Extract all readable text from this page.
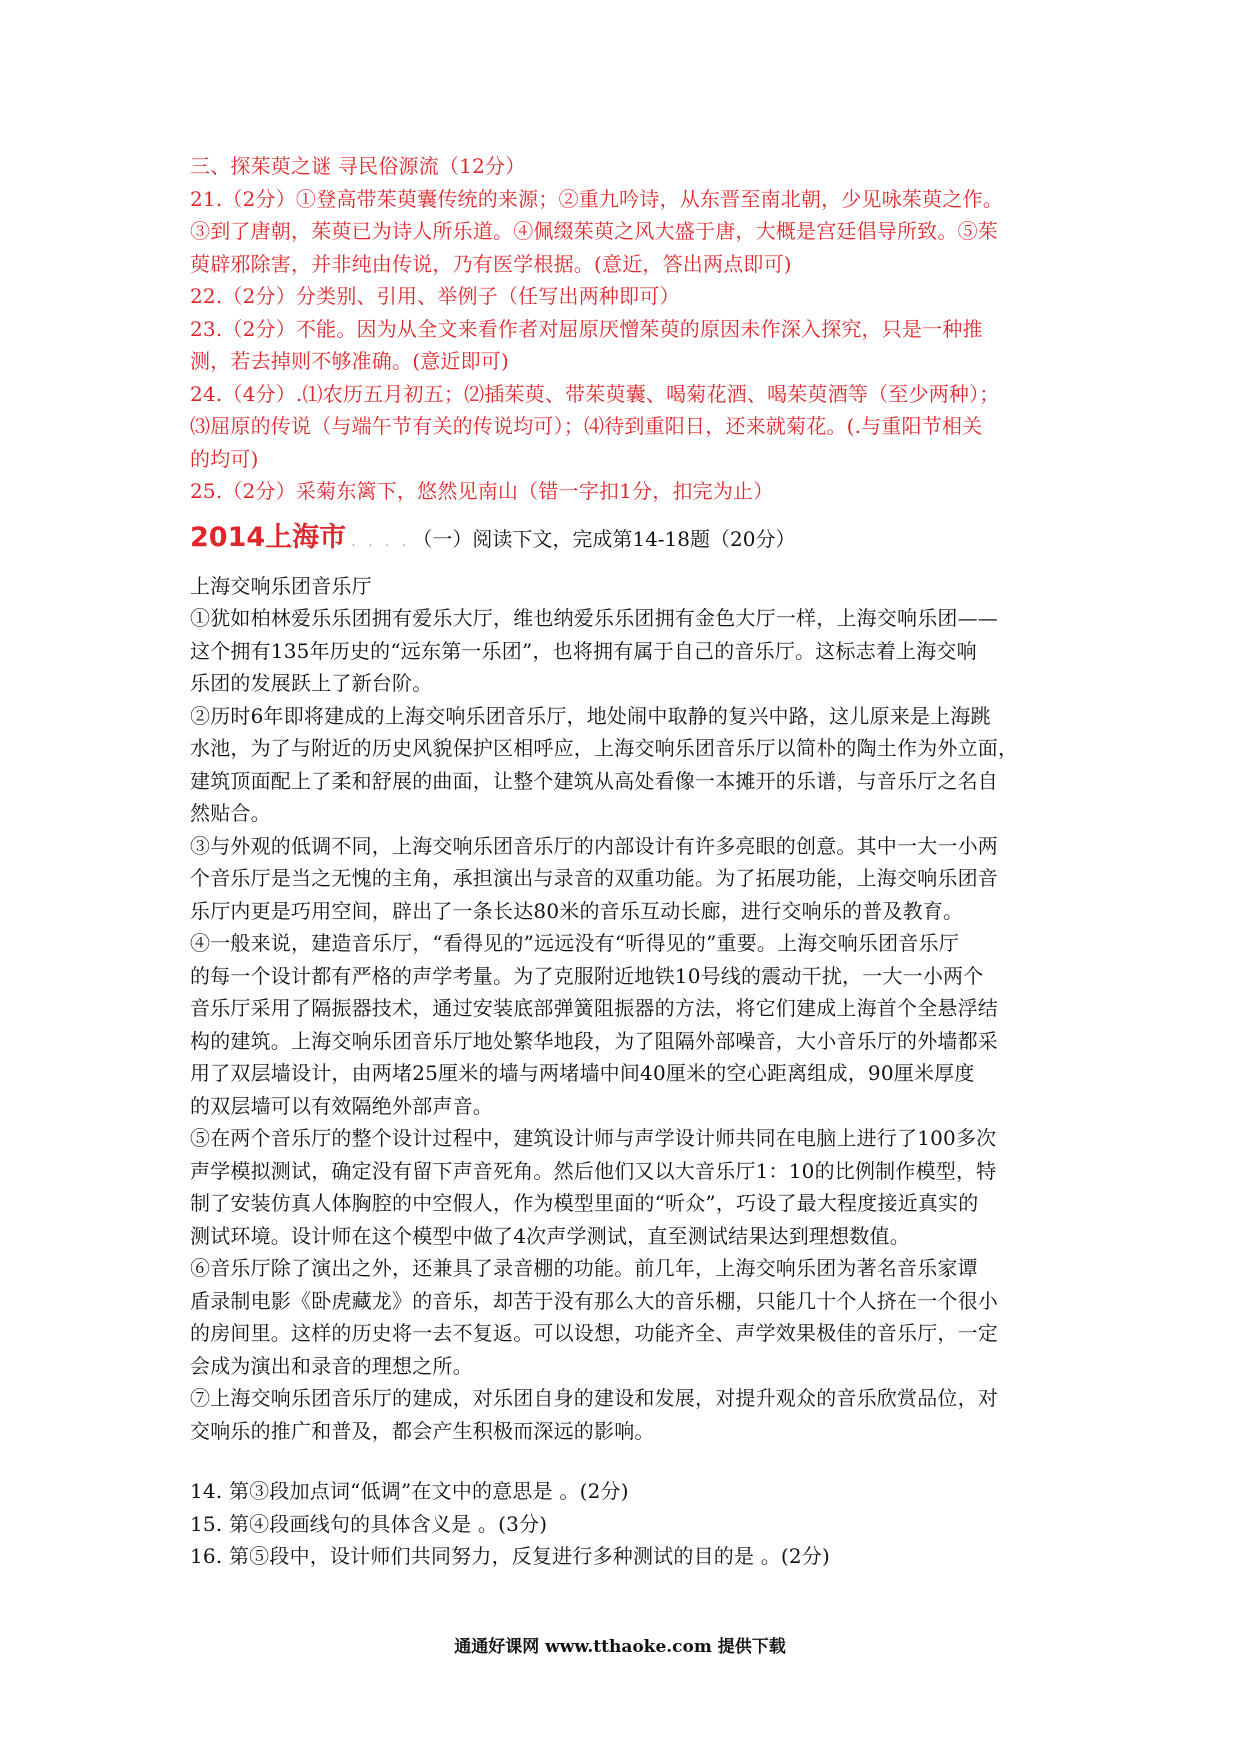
三、探茱萸之谜 寻民俗源流（12分）
21.（2分）①登高带茱萸囊传统的来源；②重九吟诗，从东晋至南北朝，少见咏茱萸之作。
③到了唐朝，茱萸已为诗人所乐道。④佩缀茱萸之风大盛于唐，大概是宫廷倡导所致。⑤茱
萸辟邪除害，并非纯由传说，乃有医学根据。(意近，答出两点即可)
22.（2分）分类别、引用、举例子（任写出两种即可）
23.（2分）不能。因为从全文来看作者对屈原厌憎茱萸的原因未作深入探究，只是一种推
测，若去掉则不够准确。(意近即可)
24.（4分）.⑴农历五月初五；⑵插茱萸、带茱萸囊、喝菊花酒、喝茱萸酒等（至少两种）；
⑶屈原的传说（与端午节有关的传说均可）；⑷待到重阳日，还来就菊花。(.与重阳节相关
的均可)
25.（2分）采菊东篱下，悠然见南山（错一字扣1分，扣完为止）
2014上海市 . . . . （一）阅读下文，完成第14-18题（20分）
上海交响乐团音乐厅
①犹如柏林爱乐乐团拥有爱乐大厅，维也纳爱乐乐团拥有金色大厅一样，上海交响乐团——
这个拥有135年历史的“远东第一乐团”，也将拥有属于自己的音乐厅。这标志着上海交响
乐团的发展跃上了新台阶。
②历时6年即将建成的上海交响乐团音乐厅，地处闹中取静的复兴中路，这儿原来是上海跳
水池，为了与附近的历史风貌保护区相呼应，上海交响乐团音乐厅以简朴的陶土作为外立面，
建筑顶面配上了柔和舒展的曲面，让整个建筑从高处看像一本摊开的乐谱，与音乐厅之名自
然贴合。
③与外观的低调不同，上海交响乐团音乐厅的内部设计有许多亮眼的创意。其中一大一小两
个音乐厅是当之无愧的主角，承担演出与录音的双重功能。为了拓展功能，上海交响乐团音
乐厅内更是巧用空间，辟出了一条长达80米的音乐互动长廊，进行交响乐的普及教育。
④一般来说，建造音乐厅，“看得见的”远远没有“听得见的”重要。上海交响乐团音乐厅
的每一个设计都有严格的声学考量。为了克服附近地铁10号线的震动干扰，一大一小两个
音乐厅采用了隔振器技术，通过安装底部弹簧阻振器的方法，将它们建成上海首个全悬浮结
构的建筑。上海交响乐团音乐厅地处繁华地段，为了阻隔外部噪音，大小音乐厅的外墙都采
用了双层墙设计，由两堵25厘米的墙与两堵墙中间40厘米的空心距离组成，90厘米厚度
的双层墙可以有效隔绝外部声音。
⑤在两个音乐厅的整个设计过程中，建筑设计师与声学设计师共同在电脑上进行了100多次
声学模拟测试，确定没有留下声音死角。然后他们又以大音乐厅1：10的比例制作模型，特
制了安装仿真人体胸腔的中空假人，作为模型里面的“听众”，巧设了最大程度接近真实的
测试环境。设计师在这个模型中做了4次声学测试，直至测试结果达到理想数值。
⑥音乐厅除了演出之外，还兼具了录音棚的功能。前几年，上海交响乐团为著名音乐家谭
盾录制电影《卧虎藏龙》的音乐，却苦于没有那么大的音乐棚，只能几十个人挤在一个很小
的房间里。这样的历史将一去不复返。可以设想，功能齐全、声学效果极佳的音乐厅，一定
会成为演出和录音的理想之所。
⑦上海交响乐团音乐厅的建成，对乐团自身的建设和发展，对提升观众的音乐欣赏品位，对
交响乐的推广和普及，都会产生积极而深远的影响。
14. 第③段加点词“低调”在文中的意思是 。(2分)
15. 第④段画线句的具体含义是 。(3分)
16. 第⑤段中，设计师们共同努力，反复进行多种测试的目的是 。(2分)
通通好课网 www.tthaoke.com 提供下载
